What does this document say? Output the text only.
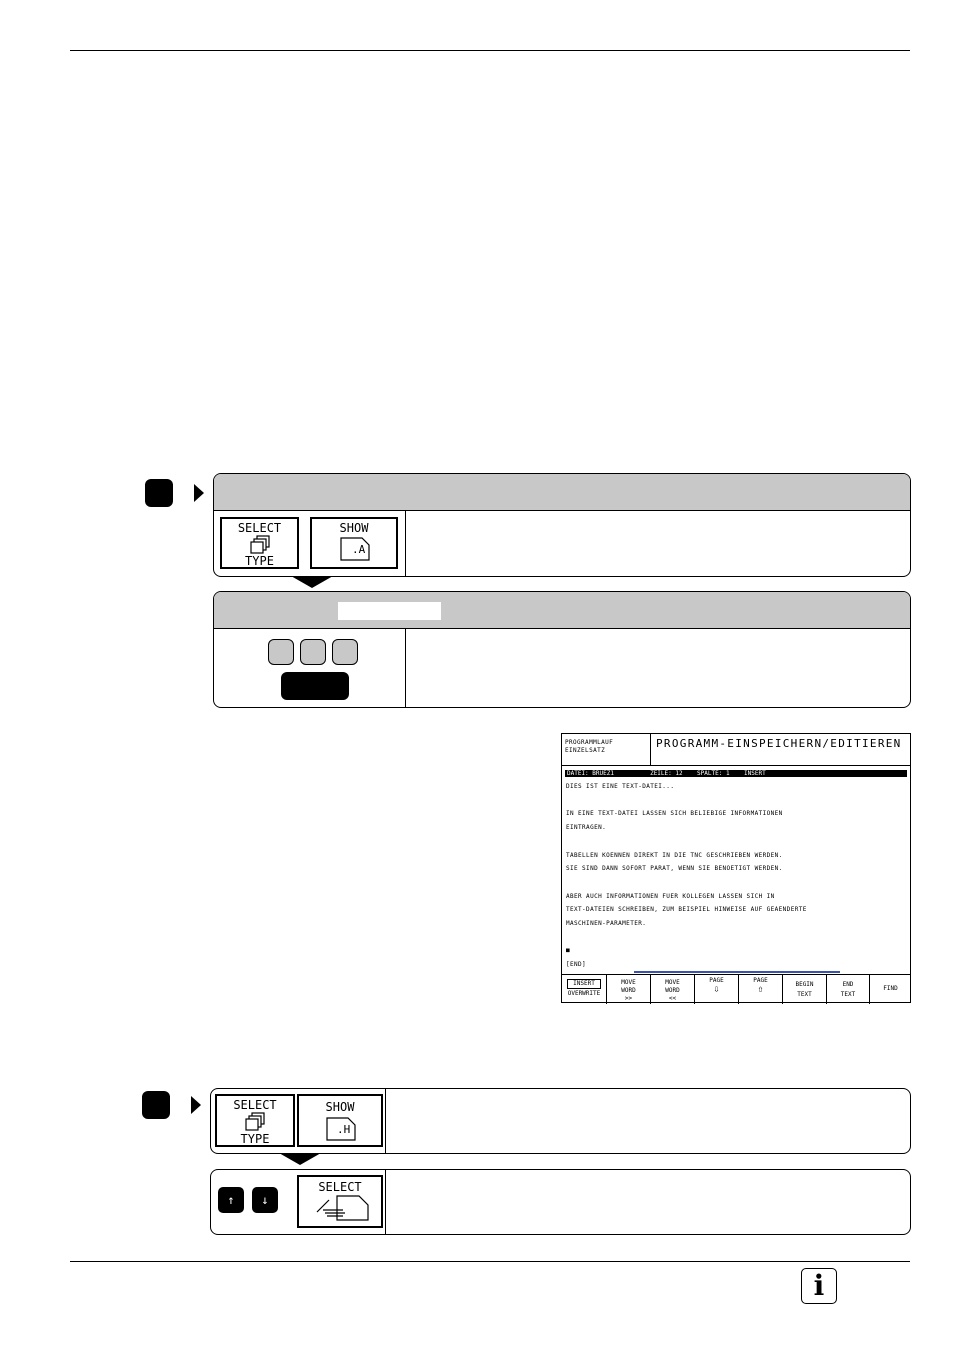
SELECT
TYPE
SHOW
.A
PROGRAMMLAUF
EINZELSATZ
PROGRAMM-EINSPEICHERN/EDITIEREN
DATEI: BRUEZ1          ZEILE: 12    SPALTE: 1    INSERT
DIES IST EINE TEXT-DATEI...
IN EINE TEXT-DATEI LASSEN SICH BELIEBIGE INFORMATIONEN
EINTRAGEN.
TABELLEN KOENNEN DIREKT IN DIE TNC GESCHRIEBEN WERDEN.
SIE SIND DANN SOFORT PARAT, WENN SIE BENOETIGT WERDEN.
ABER AUCH INFORMATIONEN FUER KOLLEGEN LASSEN SICH IN
TEXT-DATEIEN SCHREIBEN, ZUM BEISPIEL HINWEISE AUF GEAENDERTE
MASCHINEN-PARAMETER.
■
[END]
INSERT
OVERWRITE
MOVE
WORD
>>
MOVE
WORD
<<
PAGE
⇩
PAGE
⇧	BEGIN
TEXT
END
TEXT
FIND
SELECT
TYPE
SHOW
.H
↑	↓
SELECT
i
